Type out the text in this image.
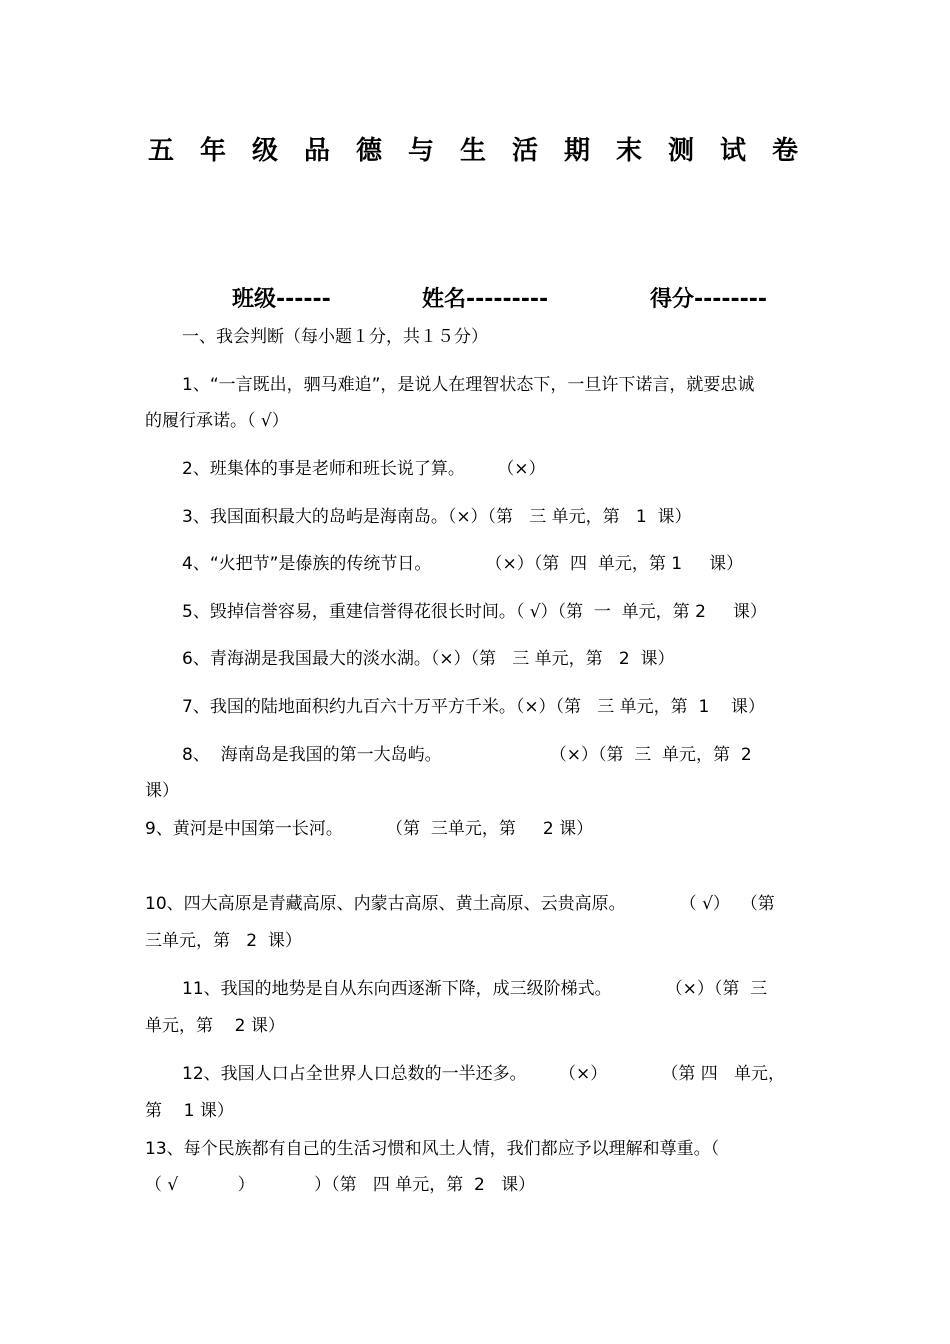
五年级品德与生活期末测试卷
班级------	姓名---------	得分--------
一、我会判断（每小题１分，共１５分）
1、“一言既出，驷马难追”，是说人在理智状态下，一旦许下诺言，就要忠诚
的履行承诺。（ √）
2、班集体的事是老师和班长说了算。      （×）
3、我国面积最大的岛屿是海南岛。（×）（第   三 单元，第   1  课）
4、“火把节”是傣族的传统节日。          （×）（第  四  单元，第 1     课）
5、毁掉信誉容易，重建信誉得花很长时间。（ √）（第  一  单元，第 2     课）
6、青海湖是我国最大的淡水湖。（×）（第   三 单元，第   2  课）
7、我国的陆地面积约九百六十万平方千米。（×）（第   三 单元，第  1    课）
8、  海南岛是我国的第一大岛屿。                    （×）（第  三  单元，第  2
课）
9、黄河是中国第一长河。        （第  三单元，第     2 课）
10、四大高原是青藏高原、内蒙古高原、黄土高原、云贵高原。          （ √）  （第
三单元，第   2  课）
11、我国的地势是自从东向西逐渐下降，成三级阶梯式。          （×）（第  三
单元，第    2 课）
12、我国人口占全世界人口总数的一半还多。      （×）          （第 四   单元，
第    1 课）
13、每个民族都有自己的生活习惯和风土人情，我们都应予以理解和尊重。（
（ √           ）           ）（第   四 单元，第  2   课）
